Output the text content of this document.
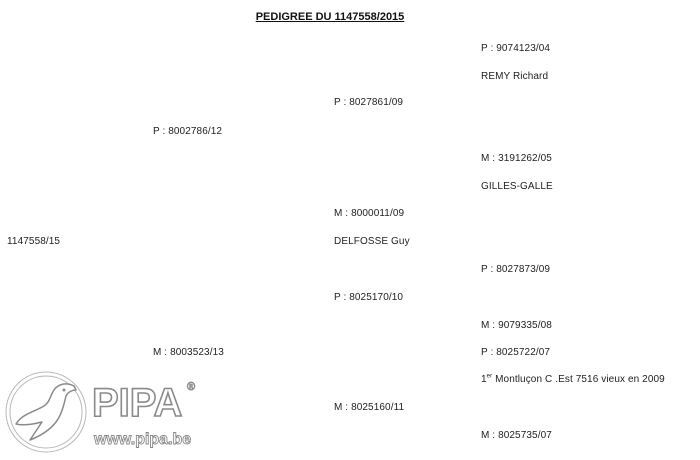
PEDIGREE DU 1147558/2015
1147558/15
P : 8002786/12
M : 8003523/13
P : 8027861/09
M : 8000011/09
DELFOSSE Guy
P : 8025170/10
M : 8025160/11
P : 9074123/04
REMY Richard
M : 3191262/05
GILLES-GALLE
P : 8027873/09
M : 9079335/08
P : 8025722/07
1er Montluçon C .Est 7516 vieux en 2009
M : 8025735/07
PIPA ®
www.pipa.be
